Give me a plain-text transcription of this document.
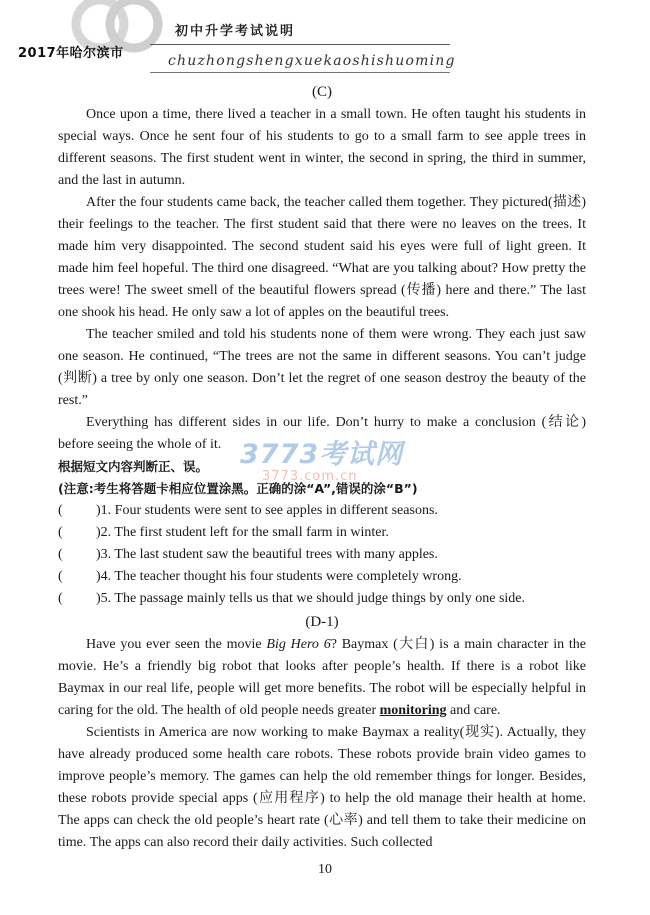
2017年哈尔滨市
初中升学考试说明
chuzhongshengxuekaoshishuoming
(C)

Once upon a time, there lived a teacher in a small town. He often taught his students in special ways. Once he sent four of his students to go to a small farm to see apple trees in different seasons. The first student went in winter, the second in spring, the third in summer, and the last in autumn.

After the four students came back, the teacher called them together. They pictured(描述) their feelings to the teacher. The first student said that there were no leaves on the trees. It made him very disappointed. The second student said his eyes were full of light green. It made him feel hopeful. The third one disagreed. “What are you talking about? How pretty the trees were! The sweet smell of the beautiful flowers spread (传播) here and there.” The last one shook his head. He only saw a lot of apples on the beautiful trees.

The teacher smiled and told his students none of them were wrong. They each just saw one season. He continued, “The trees are not the same in different seasons. You can’t judge (判断) a tree by only one season. Don’t let the regret of one season destroy the beauty of the rest.”

Everything has different sides in our life. Don’t hurry to make a conclusion (结论) before seeing the whole of it.

根据短文内容判断正、误。
(注意:考生将答题卡相应位置涂黑。正确的涂“A”,错误的涂“B”)
(	)1. Four students were sent to see apples in different seasons.
(	)2. The first student left for the small farm in winter.
(	)3. The last student saw the beautiful trees with many apples.
(	)4. The teacher thought his four students were completely wrong.
(	)5. The passage mainly tells us that we should judge things by only one side.
(D-1)

Have you ever seen the movie Big Hero 6? Baymax (大白) is a main character in the movie. He’s a friendly big robot that looks after people’s health. If there is a robot like Baymax in our real life, people will get more benefits. The robot will be especially helpful in caring for the old. The health of old people needs greater monitoring and care.

Scientists in America are now working to make Baymax a reality(现实). Actually, they have already produced some health care robots. These robots provide brain video games to improve people’s memory. The games can help the old remember things for longer. Besides, these robots provide special apps (应用程序) to help the old manage their health at home. The apps can check the old people’s heart rate (心率) and tell them to take their medicine on time. The apps can also record their daily activities. Such collected

3773考试网
3773.com.cn
10
